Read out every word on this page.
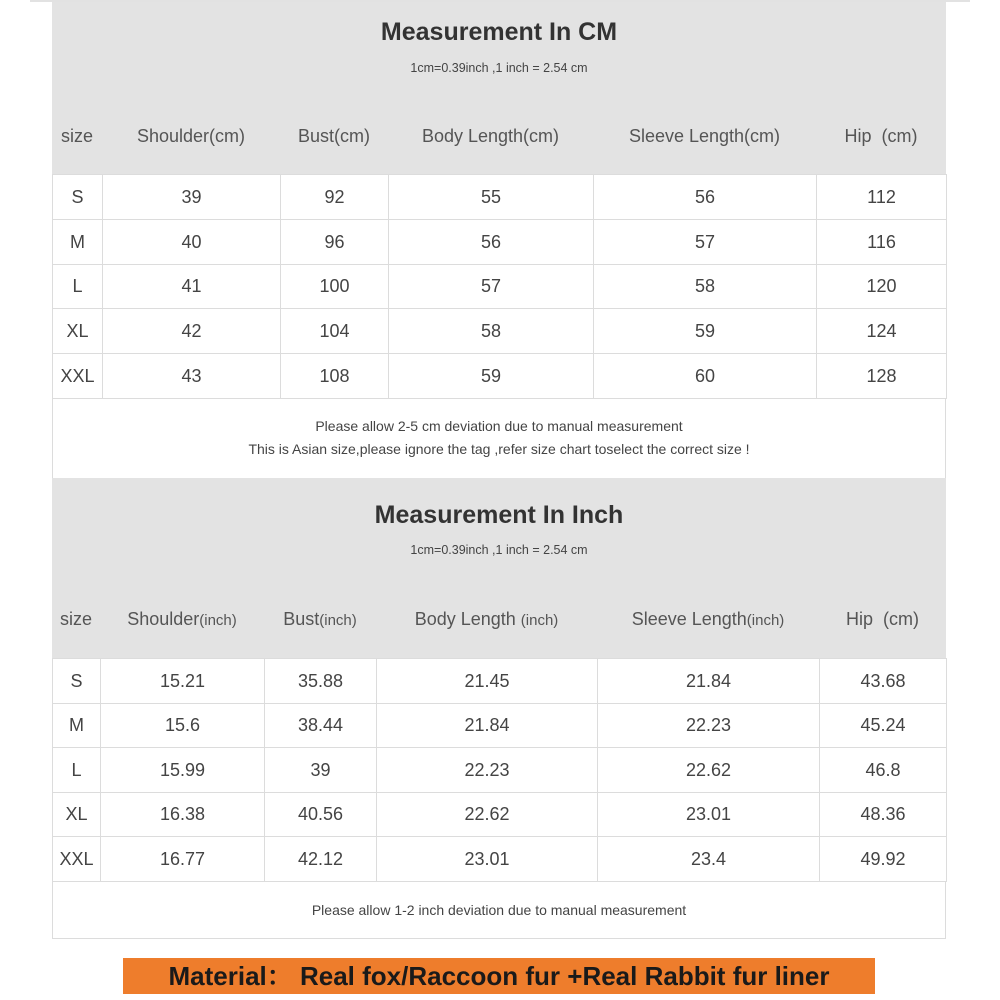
Measurement In CM
1cm=0.39inch ,1 inch = 2.54 cm
size	Shoulder(cm)	Bust(cm)	Body Length(cm)	Sleeve Length(cm)	Hip  (cm)
S	39	92	55	56	112
M	40	96	56	57	116
L	41	100	57	58	120
XL	42	104	58	59	124
XXL	43	108	59	60	128
Please allow 2-5 cm deviation due to manual measurement
This is Asian size,please ignore the tag ,refer size chart toselect the correct size !
Measurement In Inch
1cm=0.39inch ,1 inch = 2.54 cm
size	Shoulder(inch)	Bust(inch)	Body Length (inch)	Sleeve Length(inch)	Hip  (cm)
S	15.21	35.88	21.45	21.84	43.68
M	15.6	38.44	21.84	22.23	45.24
L	15.99	39	22.23	22.62	46.8
XL	16.38	40.56	22.62	23.01	48.36
XXL	16.77	42.12	23.01	23.4	49.92
Please allow 1-2 inch deviation due to manual measurement
Material： Real fox/Raccoon fur +Real Rabbit fur liner
